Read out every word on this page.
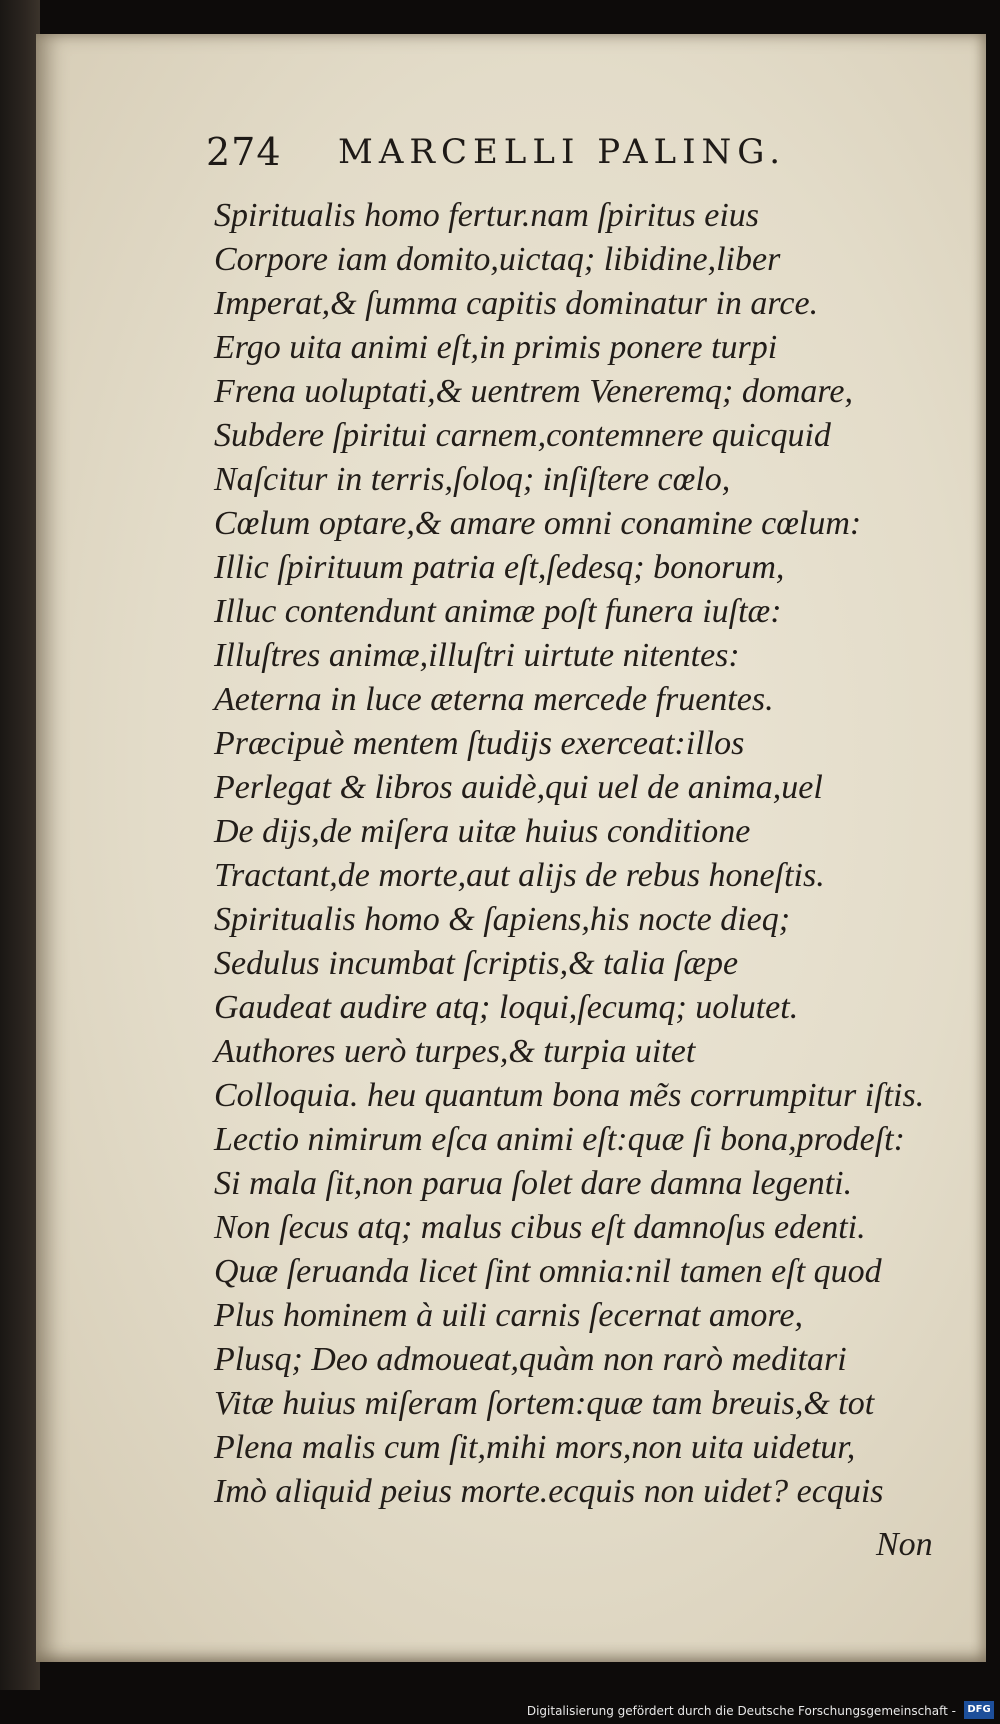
274 MARCELLI PALING.
Spiritualis homo fertur.nam ſpiritus eius
Corpore iam domito,uictaq; libidine,liber
Imperat,& ſumma capitis dominatur in arce.
Ergo uita animi eſt,in primis ponere turpi
Frena uoluptati,& uentrem Veneremq; domare,
Subdere ſpiritui carnem,contemnere quicquid
Naſcitur in terris,ſoloq; inſiſtere cœlo,
Cœlum optare,& amare omni conamine cœlum:
Illic ſpirituum patria eſt,ſedesq; bonorum,
Illuc contendunt animæ poſt funera iuſtæ:
Illuſtres animæ,illuſtri uirtute nitentes:
Aeterna in luce æterna mercede fruentes.
Præcipuè mentem ſtudijs exerceat:illos
Perlegat & libros auidè,qui uel de anima,uel
De dijs,de miſera uitæ huius conditione
Tractant,de morte,aut alijs de rebus honeſtis.
Spiritualis homo & ſapiens,his nocte dieq;
Sedulus incumbat ſcriptis,& talia ſæpe
Gaudeat audire atq; loqui,ſecumq; uolutet.
Authores uerò turpes,& turpia uitet
Colloquia. heu quantum bona mẽs corrumpitur iſtis.
Lectio nimirum eſca animi eſt:quæ ſi bona,prodeſt:
Si mala ſit,non parua ſolet dare damna legenti.
Non ſecus atq; malus cibus eſt damnoſus edenti.
Quæ ſeruanda licet ſint omnia:nil tamen eſt quod
Plus hominem à uili carnis ſecernat amore,
Plusq; Deo admoueat,quàm non rarò meditari
Vitæ huius miſeram ſortem:quæ tam breuis,& tot
Plena malis cum ſit,mihi mors,non uita uidetur,
Imò aliquid peius morte.ecquis non uidet? ecquis
Non
Digitalisierung gefördert durch die Deutsche Forschungsgemeinschaft -	DFG
